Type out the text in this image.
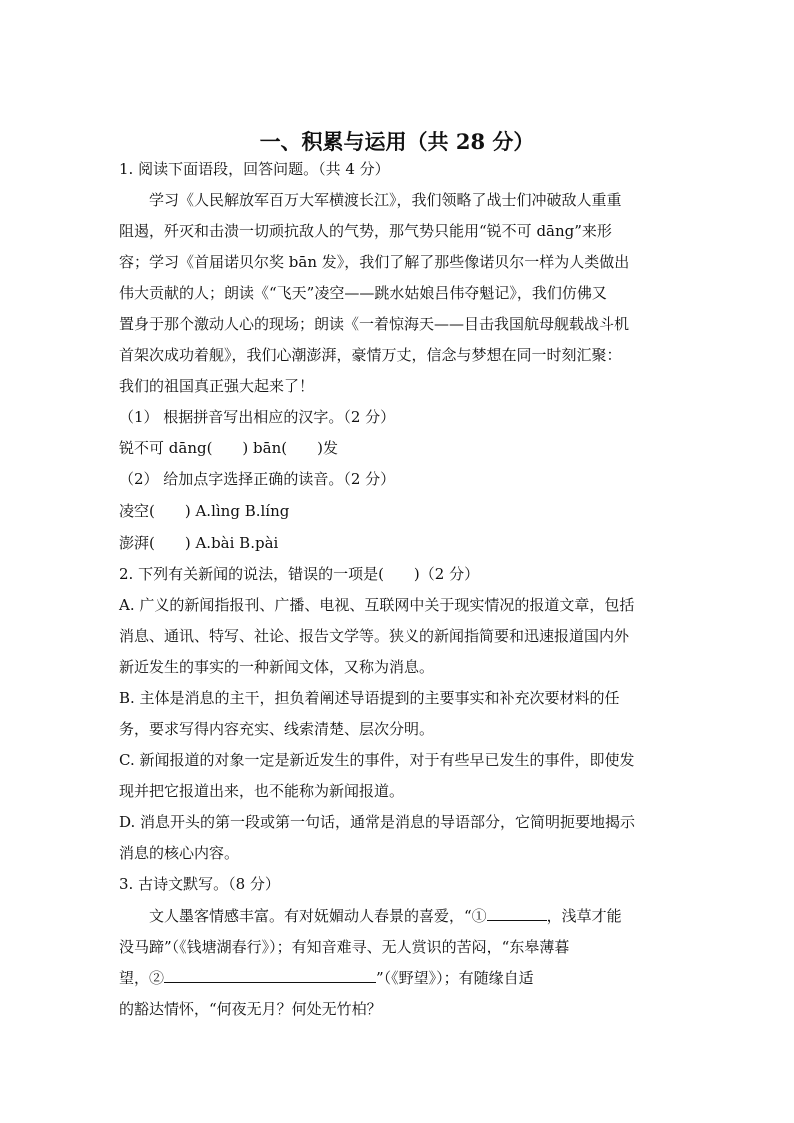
一、积累与运用（共 28 分）
1. 阅读下面语段，回答问题。（共 4 分）
学习《人民解放军百万大军横渡长江》，我们领略了战士们冲破敌人重重
阻遏，歼灭和击溃一切顽抗敌人的气势，那气势只能用“锐不可 dāng”来形
容；学习《首届诺贝尔奖 bān 发》，我们了解了那些像诺贝尔一样为人类做出
伟大贡献的人；朗读《“飞天”凌空——跳水姑娘吕伟夺魁记》，我们仿佛又
置身于那个激动人心的现场；朗读《一着惊海天——目击我国航母舰载战斗机
首架次成功着舰》，我们心潮澎湃，豪情万丈，信念与梦想在同一时刻汇聚：
我们的祖国真正强大起来了！
（1） 根据拼音写出相应的汉字。（2 分）
锐不可 dāng(　　) bān(　　)发
（2） 给加点字选择正确的读音。（2 分）
凌空(　　) A.lìng B.líng
澎湃(　　) A.bài B.pài
2. 下列有关新闻的说法，错误的一项是(　　)（2 分）
A. 广义的新闻指报刊、广播、电视、互联网中关于现实情况的报道文章，包括
消息、通讯、特写、社论、报告文学等。狭义的新闻指简要和迅速报道国内外
新近发生的事实的一种新闻文体，又称为消息。
B. 主体是消息的主干，担负着阐述导语提到的主要事实和补充次要材料的任
务，要求写得内容充实、线索清楚、层次分明。
C. 新闻报道的对象一定是新近发生的事件，对于有些早已发生的事件，即使发
现并把它报道出来，也不能称为新闻报道。
D. 消息开头的第一段或第一句话，通常是消息的导语部分，它简明扼要地揭示
消息的核心内容。
3. 古诗文默写。（8 分）
文人墨客情感丰富。有对妩媚动人春景的喜爱，“①	，浅草才能
没马蹄”（《钱塘湖春行》）；有知音难寻、无人赏识的苦闷，“东皋薄暮
望，②	”（《野望》）；有随缘自适
的豁达情怀，“何夜无月？何处无竹柏？
